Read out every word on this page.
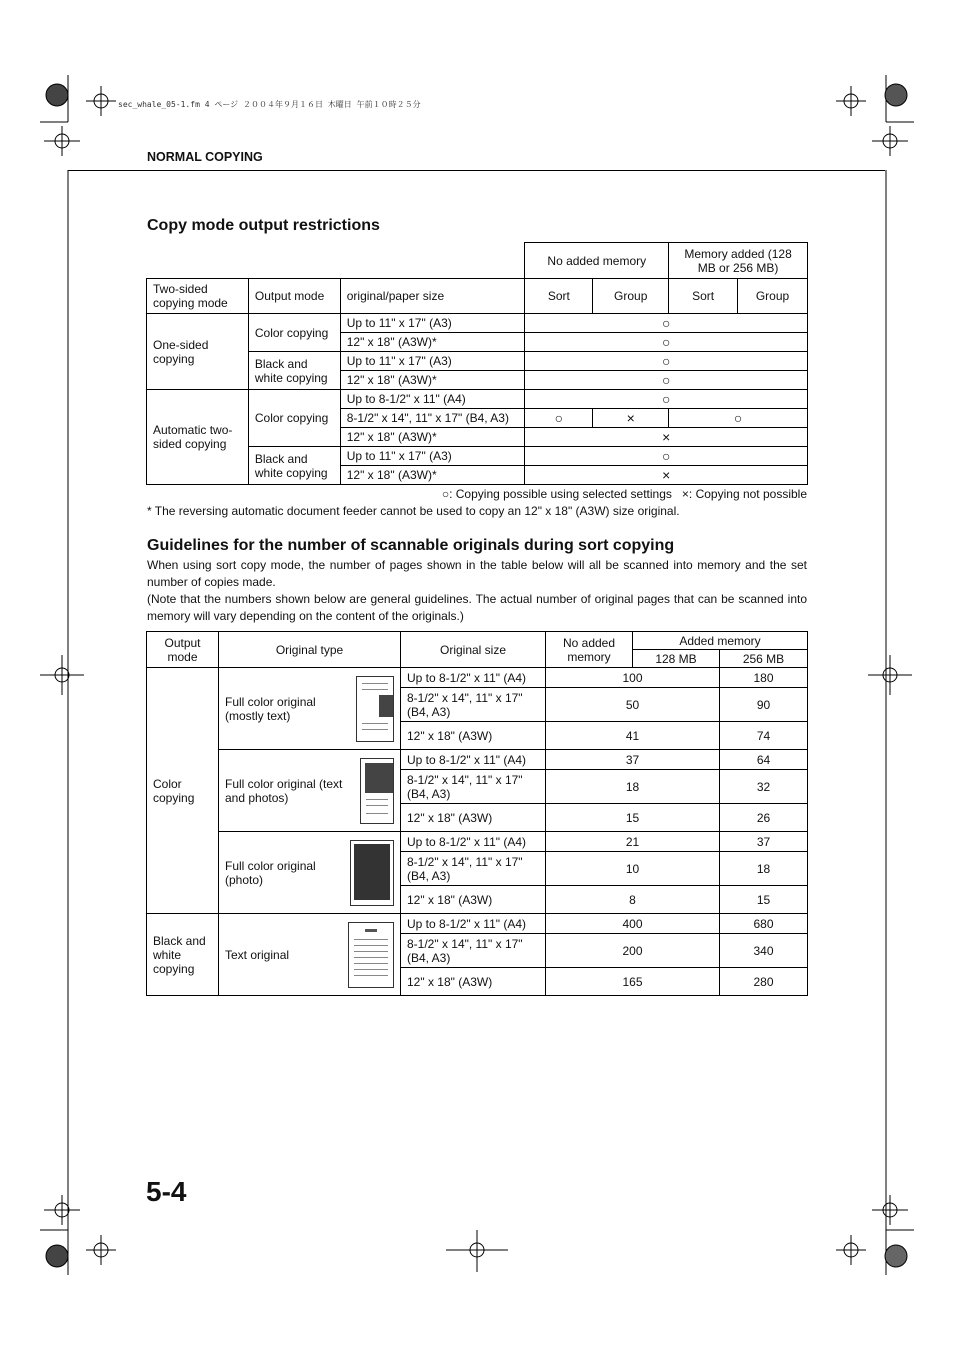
sec_whale_05-1.fm 4 ページ ２００４年９月１６日 木曜日 午前１０時２５分
NORMAL COPYING
Copy mode output restrictions
			No added memory		Memory added (128 MB or 256 MB)	
Two-sided copying mode	Output mode	original/paper size	Sort	Group	Sort	Group
One-sided copying	Color copying	Up to 11" x 17" (A3)	○			
		12" x 18" (A3W)*	○			
	Black and white copying	Up to 11" x 17" (A3)	○			
		12" x 18" (A3W)*	○			
Automatic two-sided copying	Color copying	Up to 8-1/2" x 11" (A4)	○			
		8-1/2" x 14", 11" x 17" (B4, A3)	○	×	○	
		12" x 18" (A3W)*	×			
	Black and white copying	Up to 11" x 17" (A3)	○			
		12" x 18" (A3W)*	×			
○: Copying possible using selected settings ×: Copying not possible
* The reversing automatic document feeder cannot be used to copy an 12" x 18" (A3W) size original.
Guidelines for the number of scannable originals during sort copying
When using sort copy mode, the number of pages shown in the table below will all be scanned into memory and the set number of copies made.
(Note that the numbers shown below are general guidelines. The actual number of original pages that can be scanned into memory will vary depending on the content of the originals.)
Output mode	Original type	Original size	No added memory	Added memory	
				128 MB	256 MB
Color copying	Full color original (mostly text)	Up to 8-1/2" x 11" (A4)	100		180
		8-1/2" x 14", 11" x 17" (B4, A3)	50		90
		12" x 18" (A3W)	41		74

	Full color original (text and photos)	Up to 8-1/2" x 11" (A4)	37		64
		8-1/2" x 14", 11" x 17" (B4, A3)	18		32
		12" x 18" (A3W)	15		26

	Full color original (photo)	Up to 8-1/2" x 11" (A4)	21		37
		8-1/2" x 14", 11" x 17" (B4, A3)	10		18
		12" x 18" (A3W)	8		15
Black and white copying	Text original	Up to 8-1/2" x 11" (A4)	400		680
		8-1/2" x 14", 11" x 17" (B4, A3)	200		340
		12" x 18" (A3W)	165		280
5-4
